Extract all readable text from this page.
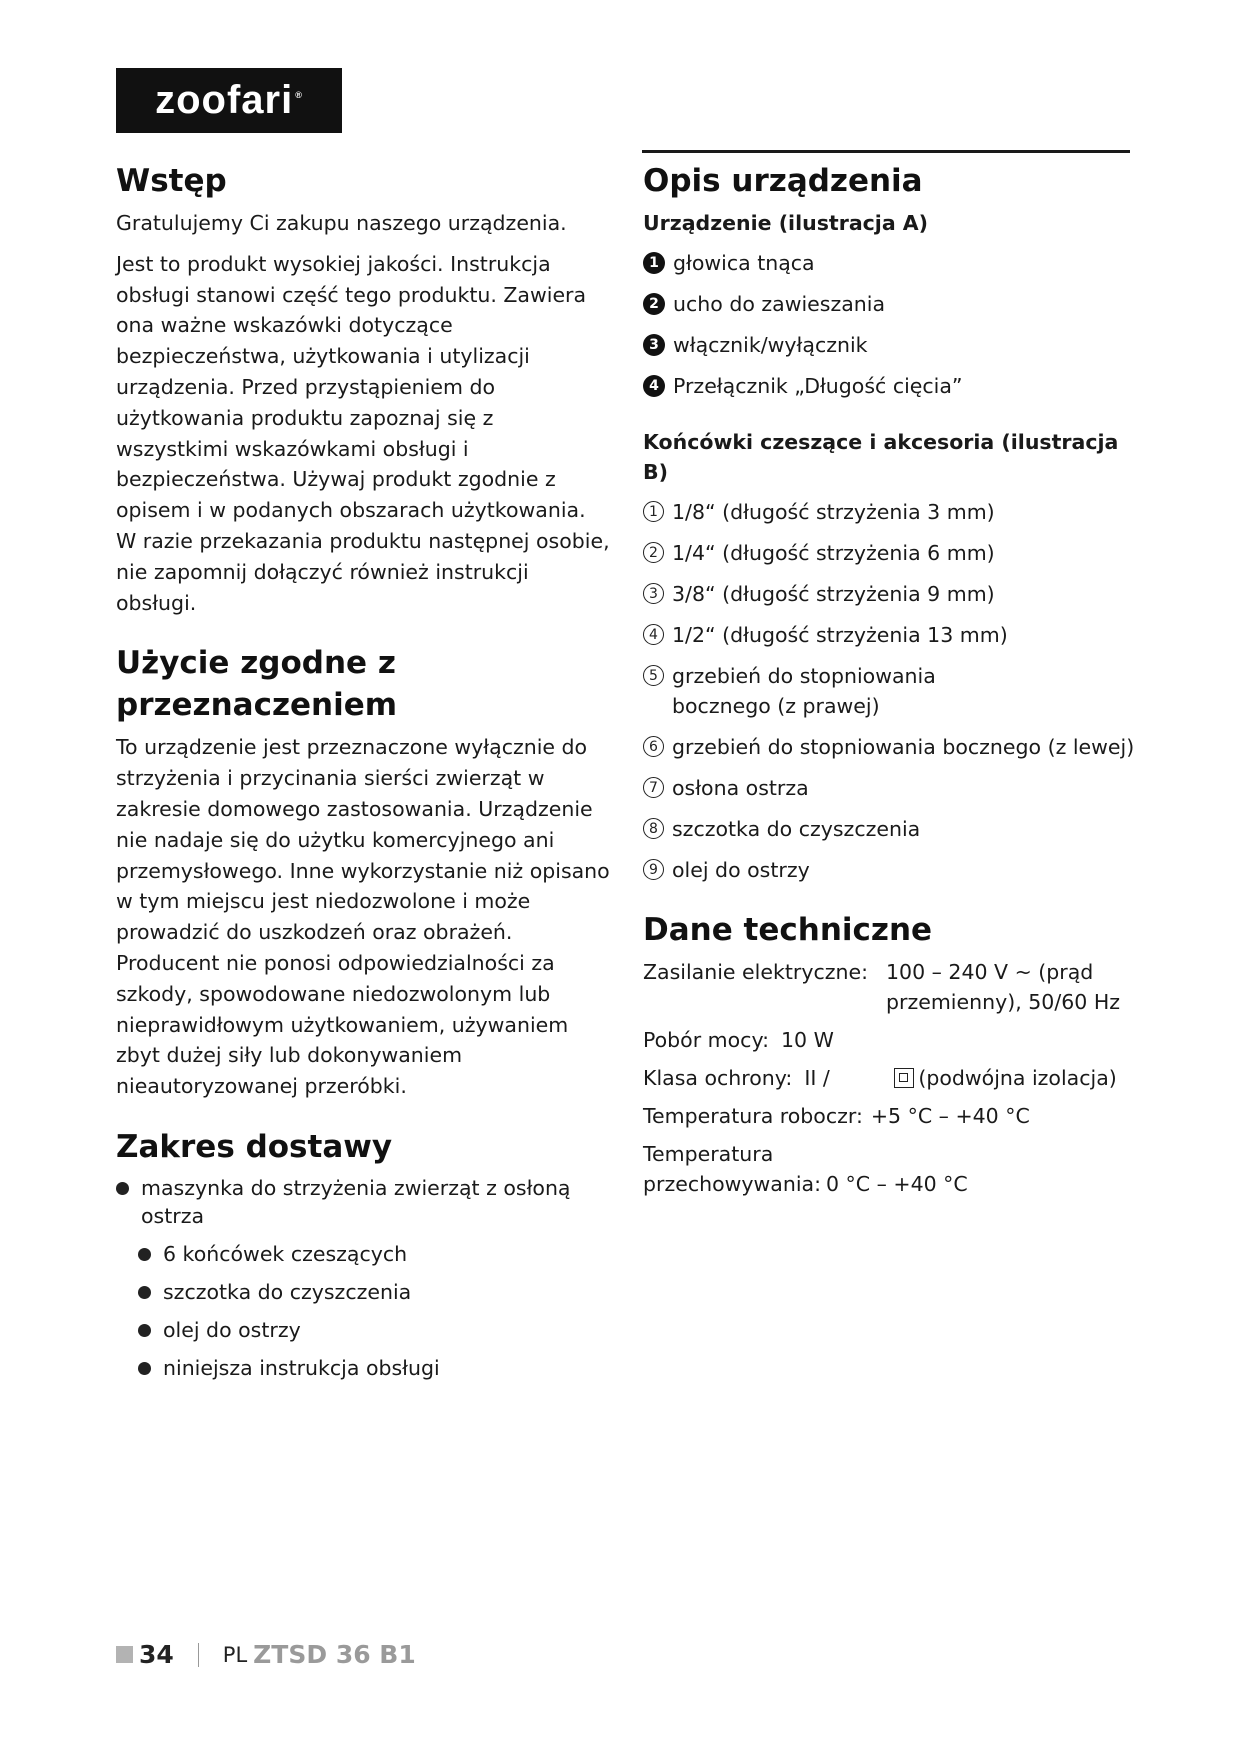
zoofari ®
Wstęp

Gratulujemy Ci zakupu naszego urządzenia.

Jest to produkt wysokiej jakości. Instrukcja obsługi stanowi część tego produktu. Zawiera ona ważne wskazówki dotyczące bezpieczeństwa, użytkowania i utylizacji urządzenia. Przed przystąpieniem do użytkowania produktu zapoznaj się z wszystkimi wskazówkami obsługi i bezpieczeństwa. Używaj produkt zgodnie z opisem i w podanych obszarach użytkowania. W razie przekazania produktu następnej osobie, nie zapomnij dołączyć również instrukcji obsługi.

Użycie zgodne z przeznaczeniem

To urządzenie jest przeznaczone wyłącznie do strzyżenia i przycinania sierści zwierząt w zakresie domowego zastosowania. Urządzenie nie nadaje się do użytku komercyjnego ani przemysłowego. Inne wykorzystanie niż opisano w tym miejscu jest niedozwolone i może prowadzić do uszkodzeń oraz obrażeń. Producent nie ponosi odpowiedzialności za szkody, spowodowane niedozwolonym lub nieprawidłowym użytkowaniem, używaniem zbyt dużej siły lub dokonywaniem nieautoryzowanej przeróbki.

Zakres dostawy
maszynka do strzyżenia zwierząt z osłoną ostrza
6 końcówek czeszących
szczotka do czyszczenia
olej do ostrzy
niniejsza instrukcja obsługi
Opis urządzenia
Urządzenie (ilustracja A)
1 głowica tnąca
2 ucho do zawieszania
3 włącznik/wyłącznik
4 Przełącznik „Długość cięcia”
Końcówki czeszące i akcesoria (ilustracja B)
1 1/8“ (długość strzyżenia 3 mm)
2 1/4“ (długość strzyżenia 6 mm)
3 3/8“ (długość strzyżenia 9 mm)
4 1/2“ (długość strzyżenia 13 mm)
5 grzebień do stopniowania bocznego (z prawej)
6 grzebień do stopniowania bocznego (z lewej)
7 osłona ostrza
8 szczotka do czyszczenia
9 olej do ostrzy
Dane techniczne
Zasilanie elektryczne: 100 – 240 V ~ (prąd przemienny), 50/60 Hz
Pobór mocy: 10 W
Klasa ochrony: II /	(podwójna izolacja)
Temperatura roboczr: +5 °C – +40 °C
Temperatura przechowywania: 0 °C – +40 °C
34 PL ZTSD 36 B1
